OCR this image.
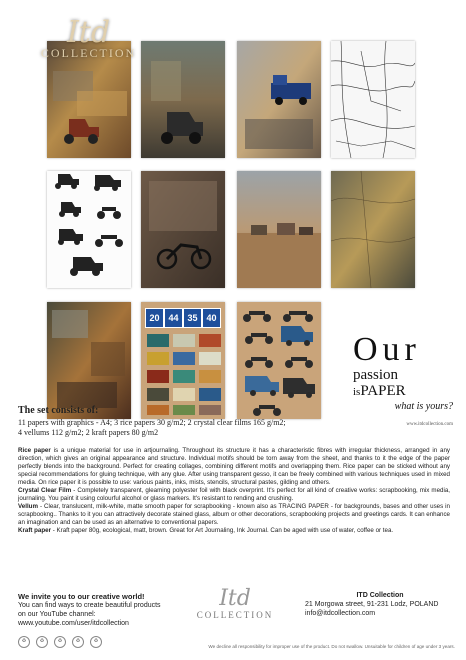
Itd
COLLECTION
20 44 35 40
Our
passion
isPAPER
what is yours?
www.itdcollection.com
The set consists of:
11 papers with graphics - A4; 3 rice papers 30 g/m2; 2 crystal clear films 165 g/m2;
4 vellums 112 g/m2; 2 kraft papers 80 g/m2

Rice paper is a unique material for use in artjournaling. Throughout its structure it has a characteristic fibres with irregular thickness, arranged in any direction, which gives an original appearance and structure. Individual motifs should be torn away from the sheet, and thanks to it the edge of the paper perfectly blends into the background. Perfect for creating collages, combining different motifs and overlapping them. Rice paper can be sticked without any special recommendations for gluing technique, with any glue. After using transparent gesso, it can be freely combined with various techniques used in mixed media. On rice paper it is possible to use: various paints, inks, mists, stencils, structural pastes, gilding and others.

Crystal Clear Film - Completely transparent, gleaming polyester foil with black overprint. It's perfect for all kind of creative works: scrapbooking, mix media, journaling. You paint it using colourful alcohol or glass markers. It's resistant to rending and crushing.

Vellum - Clear, translucent, milk-white, matte smooth paper for scrapbooking - known also as TRACING PAPER - for backgrounds, bases and other uses in scrapbookng.. Thanks to it you can attractively decorate stained glass, album or other decorations, scrapbooking projects and greetings cards. It can enhance an imagination and can be used as an alternative to conventional papers.

Kraft paper - Kraft paper 80g, ecological, matt, brown. Great for Art Journaling, Ink Journal. Can be aged with use of water, coffee or tea.

We invite you to our creative world!
You can find ways to create beautiful products
on our YouTube channel:
www.youtube.com/user/itdcollection
Itd
COLLECTION
ITD Collection
21 Morgowa street, 91-231 Lodz, POLAND
info@itdcollection.com
♻	♻	♻	♻	♻
We decline all responsibility for improper use of the product. Do not swallow. Unsuitable for children of age under 3 years.
